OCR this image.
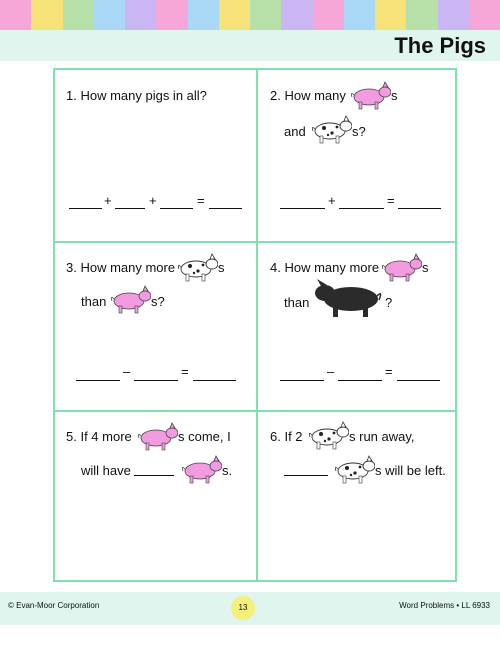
The Pigs
1. How many pigs in all?
+	+	=
2. How many	s
and	s?
+	=
3. How many more	s
than	s?
–	=
4. How many more	s
than	?
–	=
5. If 4 more	s come, I
will have	s.
6. If 2	s run away,
s will be left.
© Evan-Moor Corporation	13	Word Problems • LL 6933
